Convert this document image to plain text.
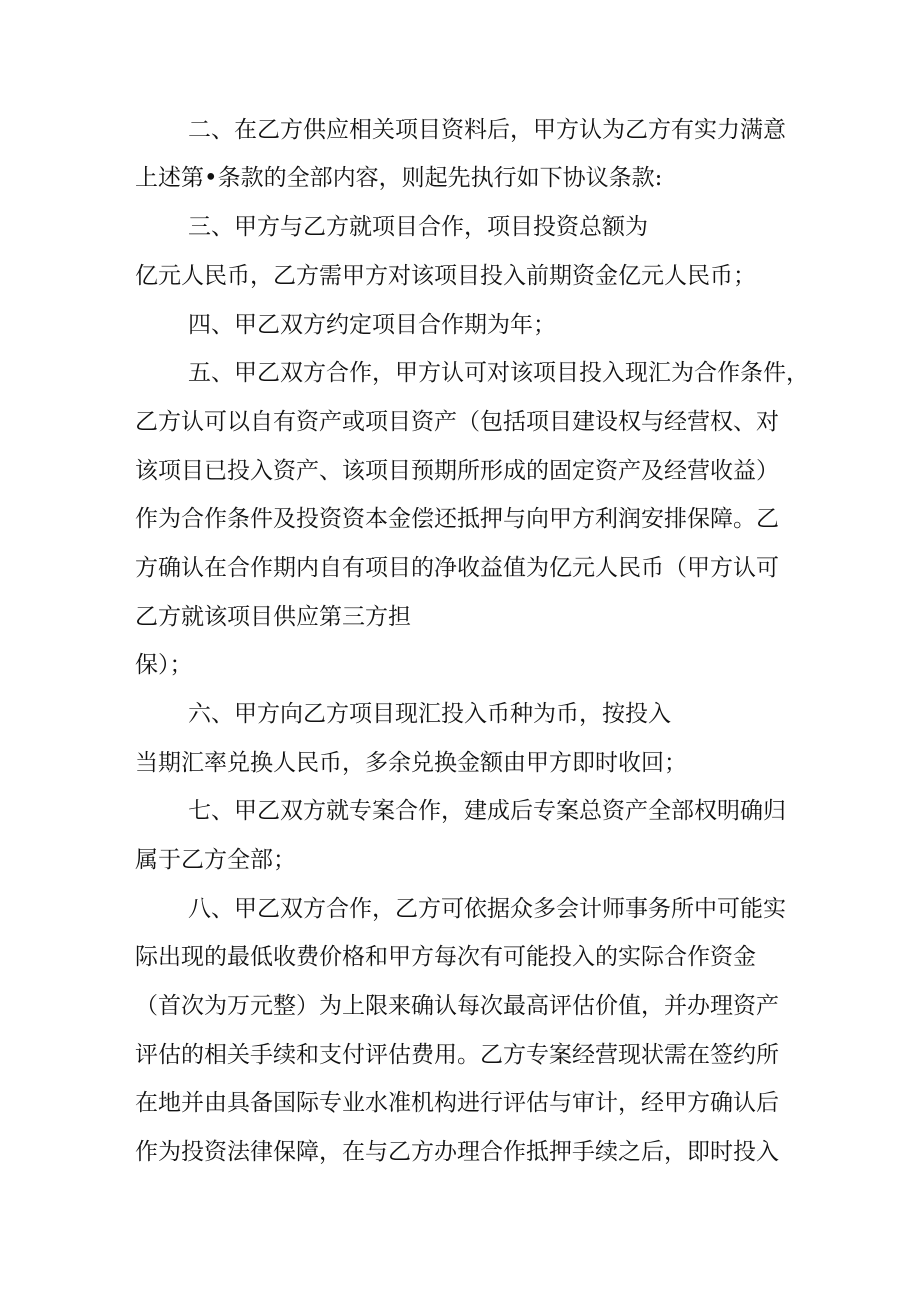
二、在乙方供应相关项目资料后，甲方认为乙方有实力满意
上述第•条款的全部内容，则起先执行如下协议条款:
三、甲方与乙方就项目合作，项目投资总额为
亿元人民币，乙方需甲方对该项目投入前期资金亿元人民币；
四、甲乙双方约定项目合作期为年；
五、甲乙双方合作，甲方认可对该项目投入现汇为合作条件，
乙方认可以自有资产或项目资产（包括项目建设权与经营权、对
该项目已投入资产、该项目预期所形成的固定资产及经营收益）
作为合作条件及投资资本金偿还抵押与向甲方利润安排保障。乙
方确认在合作期内自有项目的净收益值为亿元人民币（甲方认可
乙方就该项目供应第三方担
保）；
六、甲方向乙方项目现汇投入币种为币，按投入
当期汇率兑换人民币，多余兑换金额由甲方即时收回；
七、甲乙双方就专案合作，建成后专案总资产全部权明确归
属于乙方全部；
八、甲乙双方合作，乙方可依据众多会计师事务所中可能实
际出现的最低收费价格和甲方每次有可能投入的实际合作资金
（首次为万元整）为上限来确认每次最高评估价值，并办理资产
评估的相关手续和支付评估费用。乙方专案经营现状需在签约所
在地并由具备国际专业水准机构进行评估与审计，经甲方确认后
作为投资法律保障，在与乙方办理合作抵押手续之后，即时投入
